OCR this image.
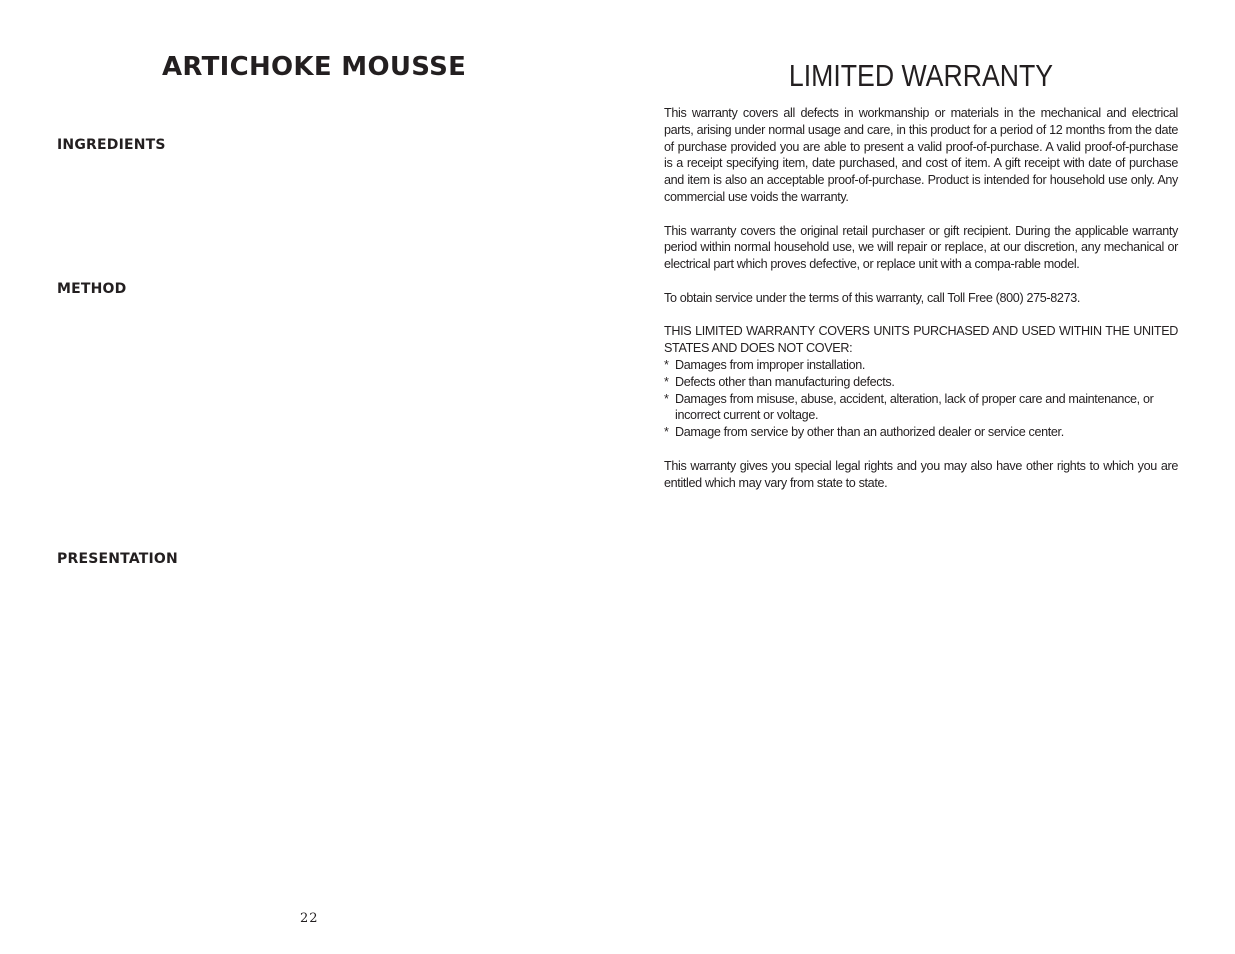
ARTICHOKE MOUSSE
INGREDIENTS
METHOD
PRESENTATION
22
LIMITED WARRANTY

This warranty covers all defects in workmanship or materials in the mechanical and electrical parts, arising under normal usage and care, in this product for a period of 12 months from the date of purchase provided you are able to present a valid proof-of-purchase. A valid proof-of-purchase is a receipt specifying item, date purchased, and cost of item. A gift receipt with date of purchase and item is also an acceptable proof-of-purchase. Product is intended for household use only. Any commercial use voids the warranty.

This warranty covers the original retail purchaser or gift recipient. During the applicable warranty period within normal household use, we will repair or replace, at our discretion, any mechanical or electrical part which proves defective, or replace unit with a compa-rable model.

To obtain service under the terms of this warranty, call Toll Free (800) 275-8273.

THIS LIMITED WARRANTY COVERS UNITS PURCHASED AND USED WITHIN THE UNITED STATES AND DOES NOT COVER:
* Damages from improper installation.
* Defects other than manufacturing defects.
* Damages from misuse, abuse, accident, alteration, lack of proper care and maintenance, or incorrect current or voltage.
* Damage from service by other than an authorized dealer or service center.

This warranty gives you special legal rights and you may also have other rights to which you are entitled which may vary from state to state.
